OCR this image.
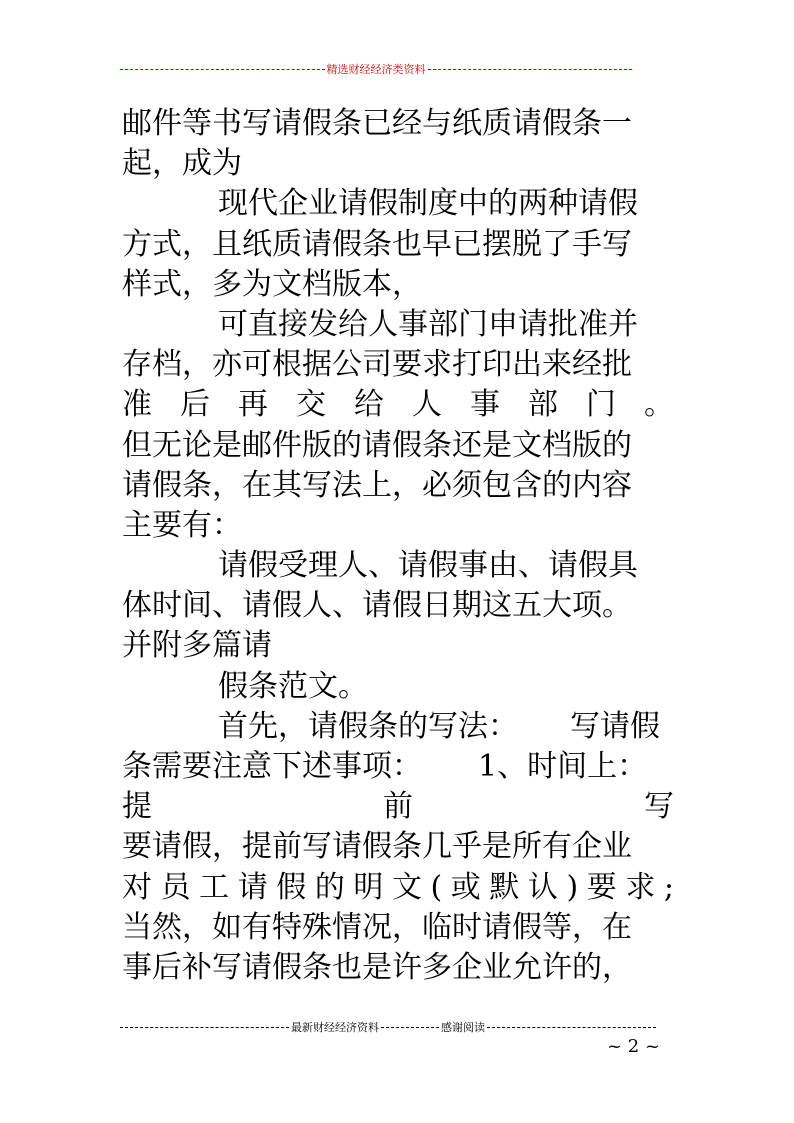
精选财经经济类资料
邮件等书写请假条已经与纸质请假条一
起，成为
现代企业请假制度中的两种请假
方式，且纸质请假条也早已摆脱了手写
样式，多为文档版本，
可直接发给人事部门申请批准并
存档，亦可根据公司要求打印出来经批
准 后 再 交 给 人 事 部 门 。
但无论是邮件版的请假条还是文档版的
请假条，在其写法上，必须包含的内容
主要有：
请假受理人、请假事由、请假具
体时间、请假人、请假日期这五大项。
并附多篇请
假条范文。
首先，请假条的写法： 写请假
条需要注意下述事项： 1、时间上：
提	前	写
要请假，提前写请假条几乎是所有企业
对 员 工 请 假 的 明 文 ( 或 默 认 ) 要 求 ;
当然，如有特殊情况，临时请假等，在
事后补写请假条也是许多企业允许的，
最新财经经济资料	感谢阅读
~ 2 ~
